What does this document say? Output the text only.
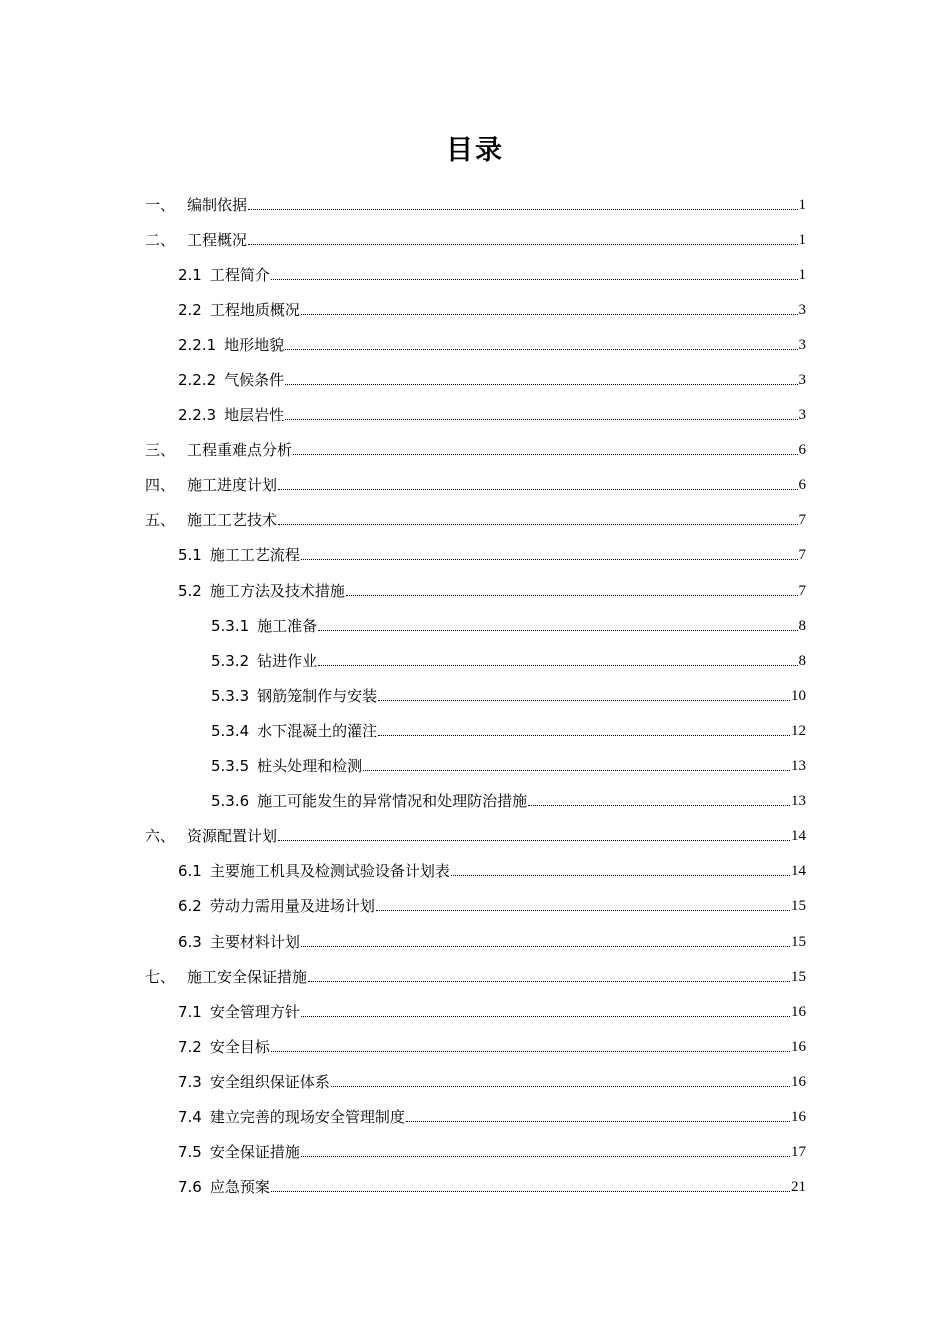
目录
一、 编制依据	1
二、 工程概况	1
2.1 工程简介	1
2.2 工程地质概况	3
2.2.1 地形地貌	3
2.2.2 气候条件	3
2.2.3 地层岩性	3
三、 工程重难点分析	6
四、 施工进度计划	6
五、 施工工艺技术	7
5.1 施工工艺流程	7
5.2 施工方法及技术措施	7
5.3.1 施工准备	8
5.3.2 钻进作业	8
5.3.3 钢筋笼制作与安装	10
5.3.4 水下混凝土的灌注	12
5.3.5 桩头处理和检测	13
5.3.6 施工可能发生的异常情况和处理防治措施	13
六、 资源配置计划	14
6.1 主要施工机具及检测试验设备计划表	14
6.2 劳动力需用量及进场计划	15
6.3 主要材料计划	15
七、 施工安全保证措施	15
7.1 安全管理方针	16
7.2 安全目标	16
7.3 安全组织保证体系	16
7.4 建立完善的现场安全管理制度	16
7.5 安全保证措施	17
7.6 应急预案	21
